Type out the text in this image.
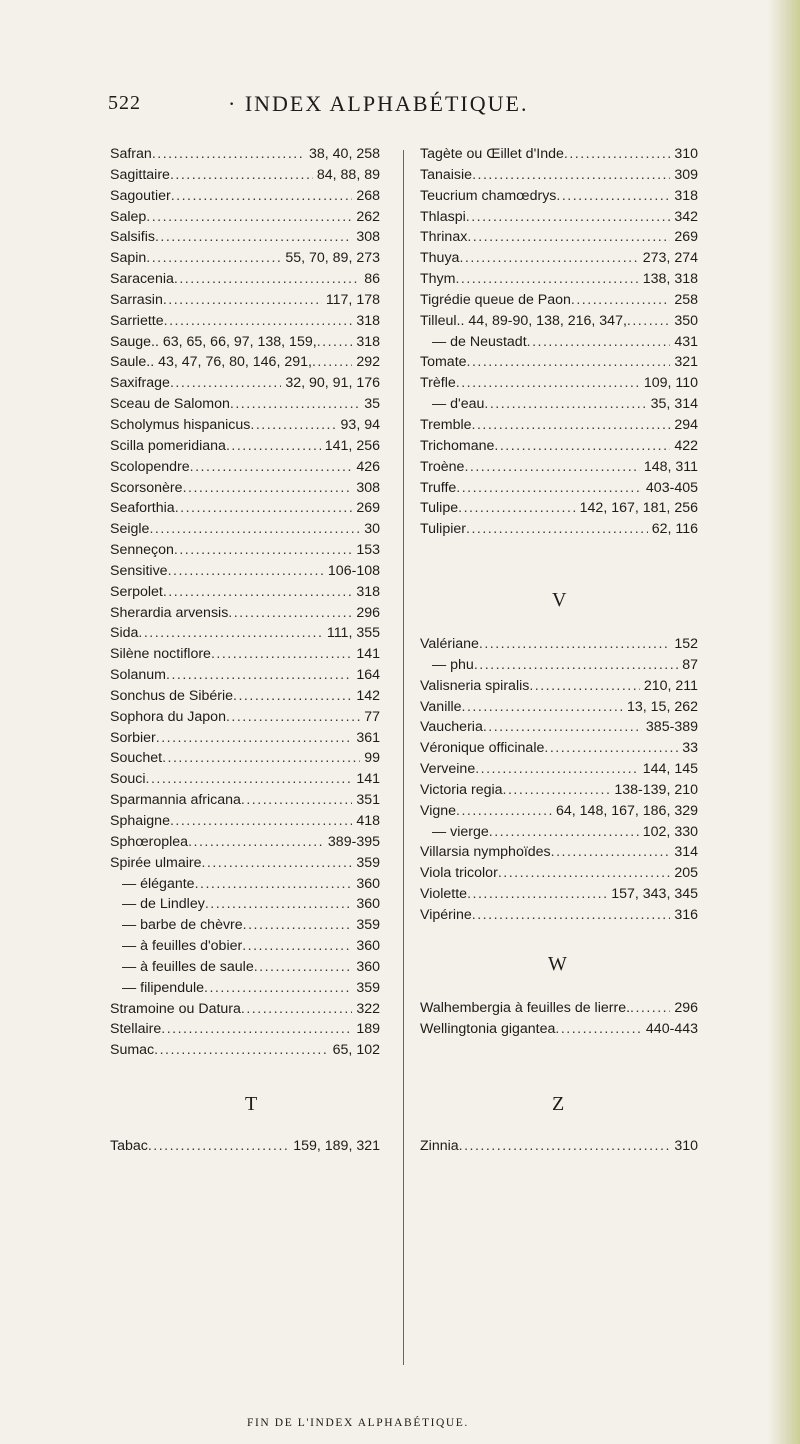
522	· INDEX ALPHABÉTIQUE.
Safran .....	38, 40, 258
Sagittaire .....	84, 88, 89
Sagoutier .....	268
Salep .....	262
Salsifis .....	308
Sapin .....	55, 70, 89, 273
Saracenia .....	86
Sarrasin .....	117, 178
Sarriette .....	318
Sauge.. 63, 65, 66, 97, 138, 159, .....	318
Saule.. 43, 47, 76, 80, 146, 291, .....	292
Saxifrage .....	32, 90, 91, 176
Sceau de Salomon .....	35
Scholymus hispanicus .....	93, 94
Scilla pomeridiana .....	141, 256
Scolopendre .....	426
Scorsonère .....	308
Seaforthia .....	269
Seigle .....	30
Senneçon .....	153
Sensitive .....	106-108
Serpolet .....	318
Sherardia arvensis .....	296
Sida .....	111, 355
Silène noctiflore .....	141
Solanum .....	164
Sonchus de Sibérie .....	142
Sophora du Japon .....	77
Sorbier .....	361
Souchet .....	99
Souci .....	141
Sparmannia africana .....	351
Sphaigne .....	418
Sphœroplea .....	389-395
Spirée ulmaire .....	359
— élégante .....	360
— de Lindley .....	360
— barbe de chèvre .....	359
— à feuilles d'obier .....	360
— à feuilles de saule .....	360
— filipendule .....	359
Stramoine ou Datura .....	322
Stellaire .....	189
Sumac .....	65, 102
T
Tabac .....	159, 189, 321
Tagète ou Œillet d'Inde .....	310
Tanaisie .....	309
Teucrium chamœdrys .....	318
Thlaspi .....	342
Thrinax .....	269
Thuya .....	273, 274
Thym .....	138, 318
Tigrédie queue de Paon .....	258
Tilleul.. 44, 89-90, 138, 216, 347, .....	350
— de Neustadt .....	431
Tomate .....	321
Trèfle .....	109, 110
— d'eau .....	35, 314
Tremble .....	294
Trichomane .....	422
Troène .....	148, 311
Truffe .....	403-405
Tulipe .....	142, 167, 181, 256
Tulipier .....	62, 116
V
Valériane .....	152
— phu .....	87
Valisneria spiralis .....	210, 211
Vanille .....	13, 15, 262
Vaucheria .....	385-389
Véronique officinale .....	33
Verveine .....	144, 145
Victoria regia .....	138-139, 210
Vigne .....	64, 148, 167, 186, 329
— vierge .....	102, 330
Villarsia nymphoïdes .....	314
Viola tricolor .....	205
Violette .....	157, 343, 345
Vipérine .....	316
W
Walhembergia à feuilles de lierre. .....	296
Wellingtonia gigantea .....	440-443
Z
Zinnia .....	310
FIN DE L'INDEX ALPHABÉTIQUE.
